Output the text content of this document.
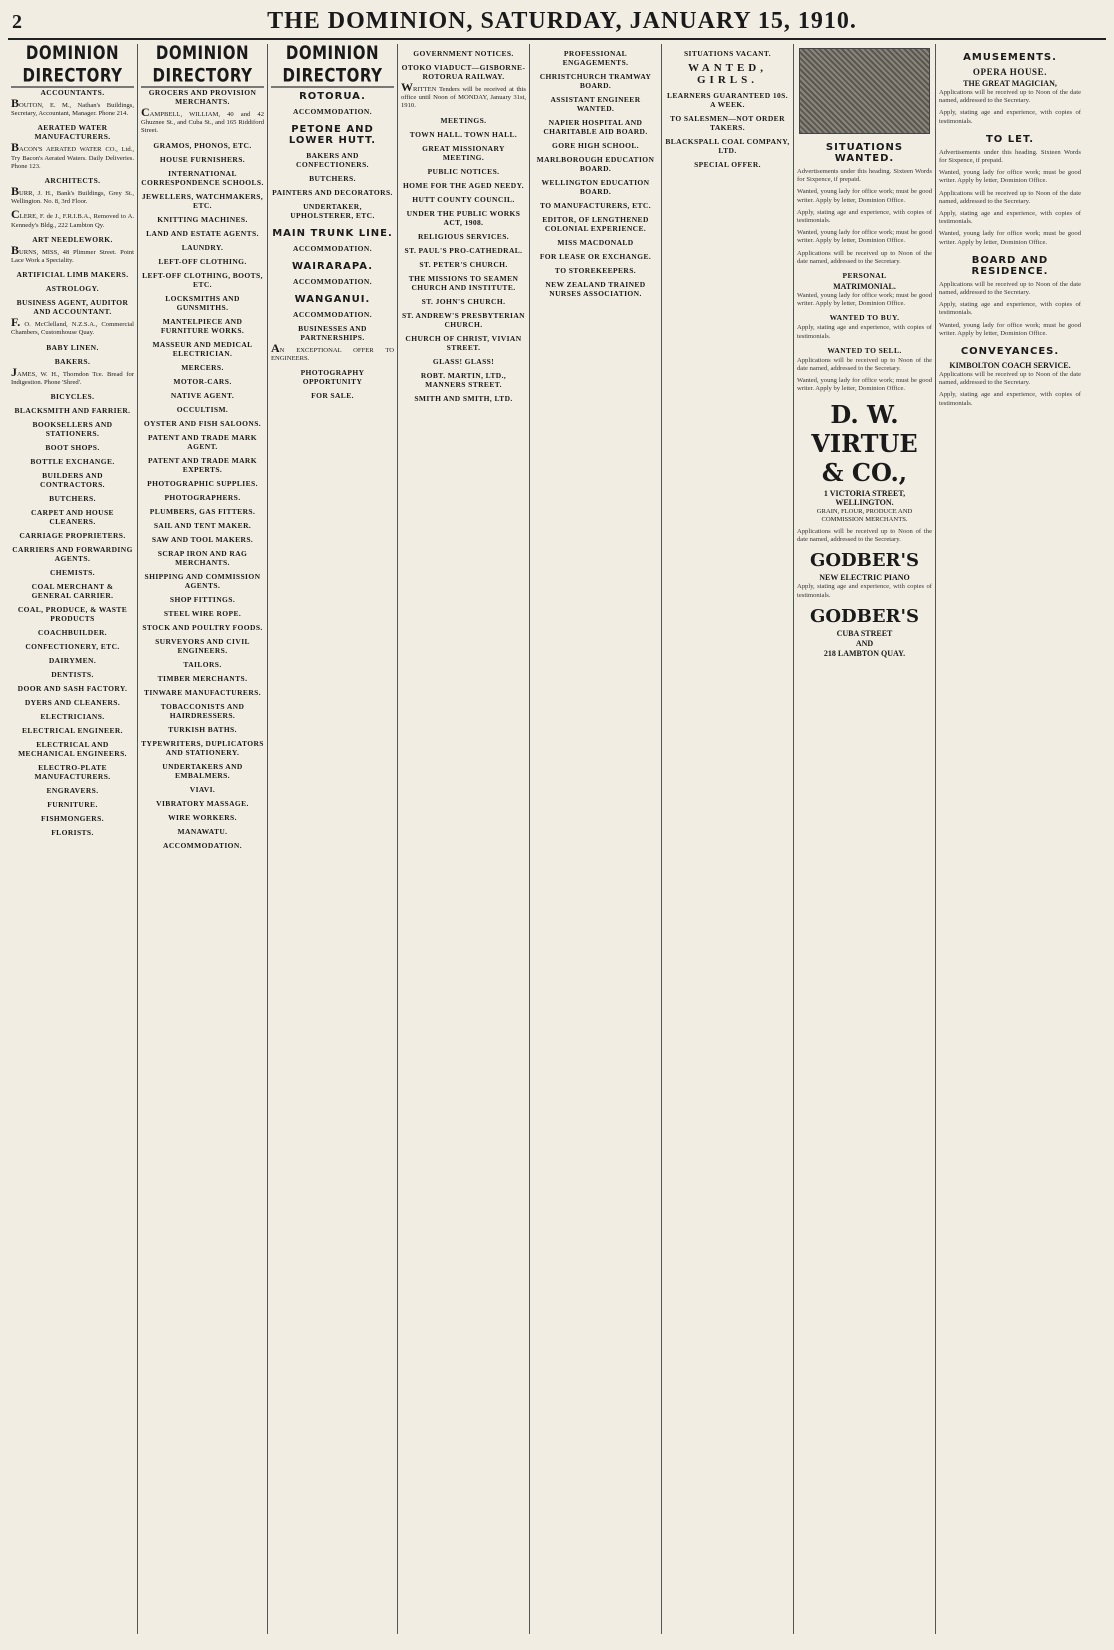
2	THE DOMINION, SATURDAY, JANUARY 15, 1910.
DOMINION DIRECTORY
ACCOUNTANTS.
BOUTON, E. M., Nathan's Buildings, Secretary, Accountant, Manager. Phone 214.
AERATED WATER MANUFACTURERS.
BACON'S AERATED WATER CO., Ltd., Try Bacon's Aerated Waters. Daily Deliveries. Phone 123.
ARCHITECTS.
BURR, J. H., Bank's Buildings, Grey St., Wellington. No. 8, 3rd Floor.
CLERE, F. de J., F.R.I.B.A., Removed to A. Kennedy's Bldg., 222 Lambton Qy.
ART NEEDLEWORK.
BURNS, MISS, 48 Plimmer Street. Point Lace Work a Speciality.
ARTIFICIAL LIMB MAKERS.
ASTROLOGY.
BUSINESS AGENT, AUDITOR AND ACCOUNTANT.
F. O. McClelland, N.Z.S.A., Commercial Chambers, Customhouse Quay.
BABY LINEN.
BAKERS.
JAMES, W. H., Thorndon Tce. Bread for Indigestion. Phone 'Shred'.
BICYCLES.
BLACKSMITH AND FARRIER.
BOOKSELLERS AND STATIONERS.
BOOT SHOPS.
BOTTLE EXCHANGE.
BUILDERS AND CONTRACTORS.
BUTCHERS.
CARPET AND HOUSE CLEANERS.
CARRIAGE PROPRIETERS.
CARRIERS AND FORWARDING AGENTS.
CHEMISTS.
COAL MERCHANT & GENERAL CARRIER.
COAL, PRODUCE, & WASTE PRODUCTS
COACHBUILDER.
CONFECTIONERY, ETC.
DAIRYMEN.
DENTISTS.
DOOR AND SASH FACTORY.
DYERS AND CLEANERS.
ELECTRICIANS.
ELECTRICAL ENGINEER.
ELECTRICAL AND MECHANICAL ENGINEERS.
ELECTRO-PLATE MANUFACTURERS.
ENGRAVERS.
FURNITURE.
FISHMONGERS.
FLORISTS.
DOMINION DIRECTORY
GROCERS AND PROVISION MERCHANTS.
CAMPBELL, WILLIAM, 40 and 42 Ghuznee St., and Cuba St., and 165 Riddiford Street.
GRAMOS, PHONOS, ETC.
HOUSE FURNISHERS.
INTERNATIONAL CORRESPONDENCE SCHOOLS.
JEWELLERS, WATCHMAKERS, ETC.
KNITTING MACHINES.
LAND AND ESTATE AGENTS.
LAUNDRY.
LEFT-OFF CLOTHING.
LEFT-OFF CLOTHING, BOOTS, ETC.
LOCKSMITHS AND GUNSMITHS.
MANTELPIECE AND FURNITURE WORKS.
MASSEUR AND MEDICAL ELECTRICIAN.
MERCERS.
MOTOR-CARS.
NATIVE AGENT.
OCCULTISM.
OYSTER AND FISH SALOONS.
PATENT AND TRADE MARK AGENT.
PATENT AND TRADE MARK EXPERTS.
PHOTOGRAPHIC SUPPLIES.
PHOTOGRAPHERS.
PLUMBERS, GAS FITTERS.
SAIL AND TENT MAKER.
SAW AND TOOL MAKERS.
SCRAP IRON AND RAG MERCHANTS.
SHIPPING AND COMMISSION AGENTS.
SHOP FITTINGS.
STEEL WIRE ROPE.
STOCK AND POULTRY FOODS.
SURVEYORS AND CIVIL ENGINEERS.
TAILORS.
TIMBER MERCHANTS.
TINWARE MANUFACTURERS.
TOBACCONISTS AND HAIRDRESSERS.
TURKISH BATHS.
TYPEWRITERS, DUPLICATORS AND STATIONERY.
UNDERTAKERS AND EMBALMERS.
VIAVI.
VIBRATORY MASSAGE.
WIRE WORKERS.
MANAWATU.
ACCOMMODATION.
DOMINION DIRECTORY
ROTORUA.
ACCOMMODATION.
PETONE AND LOWER HUTT.
BAKERS AND CONFECTIONERS.
BUTCHERS.
PAINTERS AND DECORATORS.
UNDERTAKER, UPHOLSTERER, ETC.
MAIN TRUNK LINE.
ACCOMMODATION.
WAIRARAPA.
ACCOMMODATION.
WANGANUI.
ACCOMMODATION.
BUSINESSES AND PARTNERSHIPS.
AN EXCEPTIONAL OFFER TO ENGINEERS.
PHOTOGRAPHY OPPORTUNITY
FOR SALE.
GOVERNMENT NOTICES.
OTOKO VIADUCT—GISBORNE-ROTORUA RAILWAY.
WRITTEN Tenders will be received at this office until Noon of MONDAY, January 31st, 1910.
MEETINGS.
TOWN HALL. TOWN HALL.
GREAT MISSIONARY MEETING.
PUBLIC NOTICES.
HOME FOR THE AGED NEEDY.
HUTT COUNTY COUNCIL.
UNDER THE PUBLIC WORKS ACT, 1908.
RELIGIOUS SERVICES.
ST. PAUL'S PRO-CATHEDRAL.
ST. PETER'S CHURCH.
THE MISSIONS TO SEAMEN CHURCH AND INSTITUTE.
ST. JOHN'S CHURCH.
ST. ANDREW'S PRESBYTERIAN CHURCH.
CHURCH OF CHRIST, VIVIAN STREET.
GLASS! GLASS!
ROBT. MARTIN, LTD., MANNERS STREET.
SMITH AND SMITH, LTD.
PROFESSIONAL ENGAGEMENTS.
CHRISTCHURCH TRAMWAY BOARD.
ASSISTANT ENGINEER WANTED.
NAPIER HOSPITAL AND CHARITABLE AID BOARD.
GORE HIGH SCHOOL.
MARLBOROUGH EDUCATION BOARD.
WELLINGTON EDUCATION BOARD.
TO MANUFACTURERS, ETC.
EDITOR, OF LENGTHENED COLONIAL EXPERIENCE.
MISS MACDONALD
FOR LEASE OR EXCHANGE.
TO STOREKEEPERS.
NEW ZEALAND TRAINED NURSES ASSOCIATION.
SITUATIONS VACANT.
WANTED, GIRLS.
LEARNERS GUARANTEED 10S. A WEEK.
TO SALESMEN—NOT ORDER TAKERS.
BLACKSPALL COAL COMPANY, LTD.
SPECIAL OFFER.
SITUATIONS WANTED.
Advertisements under this heading. Sixteen Words for Sixpence, if prepaid.
Wanted, young lady for office work; must be good writer. Apply by letter, Dominion Office.
Apply, stating age and experience, with copies of testimonials.
Wanted, young lady for office work; must be good writer. Apply by letter, Dominion Office.
Applications will be received up to Noon of the date named, addressed to the Secretary.
PERSONAL
MATRIMONIAL.
Wanted, young lady for office work; must be good writer. Apply by letter, Dominion Office.
WANTED TO BUY.
Apply, stating age and experience, with copies of testimonials.
WANTED TO SELL.
Applications will be received up to Noon of the date named, addressed to the Secretary.
Wanted, young lady for office work; must be good writer. Apply by letter, Dominion Office.
D. W. VIRTUE & CO.,
1 VICTORIA STREET, WELLINGTON.
GRAIN, FLOUR, PRODUCE AND COMMISSION MERCHANTS.
Applications will be received up to Noon of the date named, addressed to the Secretary.
GODBER'S
NEW ELECTRIC PIANO
Apply, stating age and experience, with copies of testimonials.
GODBER'S
CUBA STREET
AND
218 LAMBTON QUAY.
AMUSEMENTS.
OPERA HOUSE.
THE GREAT MAGICIAN,
Applications will be received up to Noon of the date named, addressed to the Secretary.
Apply, stating age and experience, with copies of testimonials.
TO LET.
Advertisements under this heading. Sixteen Words for Sixpence, if prepaid.
Wanted, young lady for office work; must be good writer. Apply by letter, Dominion Office.
Applications will be received up to Noon of the date named, addressed to the Secretary.
Apply, stating age and experience, with copies of testimonials.
Wanted, young lady for office work; must be good writer. Apply by letter, Dominion Office.
BOARD AND RESIDENCE.
Applications will be received up to Noon of the date named, addressed to the Secretary.
Apply, stating age and experience, with copies of testimonials.
Wanted, young lady for office work; must be good writer. Apply by letter, Dominion Office.
CONVEYANCES.
KIMBOLTON COACH SERVICE.
Applications will be received up to Noon of the date named, addressed to the Secretary.
Apply, stating age and experience, with copies of testimonials.
